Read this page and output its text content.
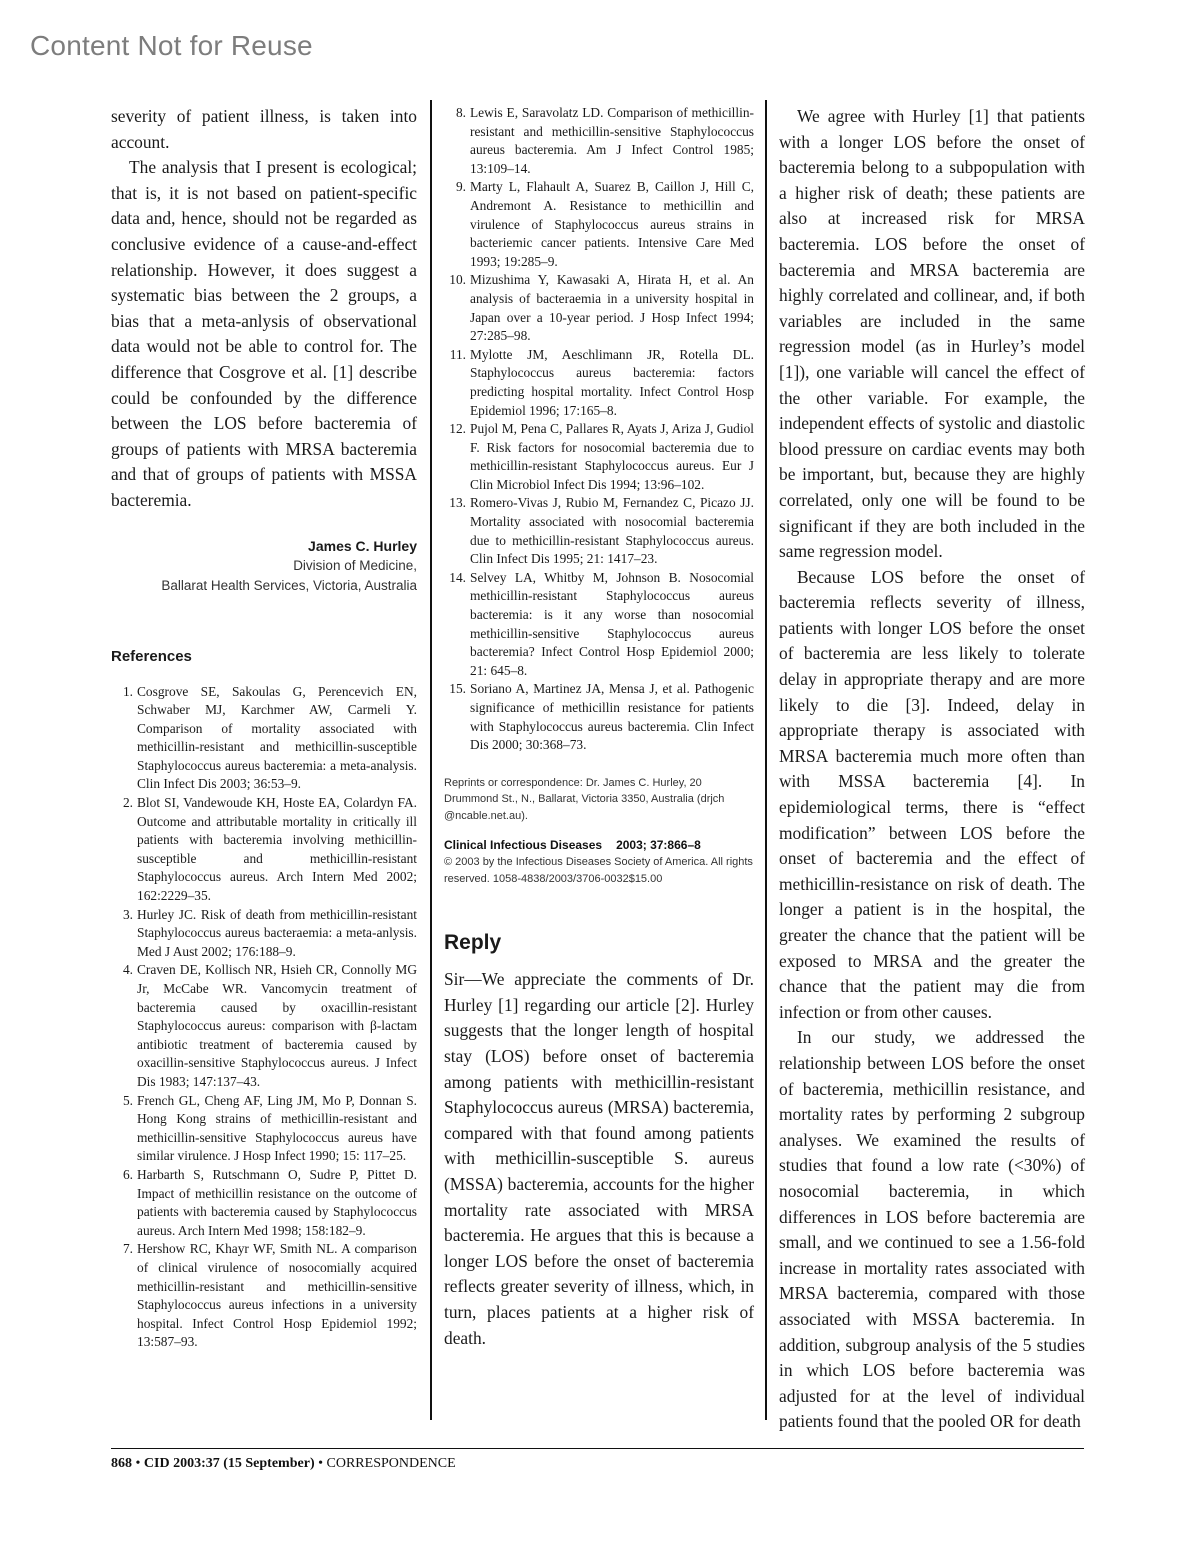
Content Not for Reuse

severity of patient illness, is taken into account.

The analysis that I present is ecological; that is, it is not based on patient-specific data and, hence, should not be regarded as conclusive evidence of a cause-and-effect relationship. However, it does suggest a systematic bias between the 2 groups, a bias that a meta-anlysis of observational data would not be able to control for. The difference that Cosgrove et al. [1] describe could be confounded by the difference between the LOS before bacteremia of groups of patients with MRSA bacteremia and that of groups of patients with MSSA bacteremia.

James C. Hurley
Division of Medicine,
Ballarat Health Services, Victoria, Australia
References
1. Cosgrove SE, Sakoulas G, Perencevich EN, Schwaber MJ, Karchmer AW, Carmeli Y. Comparison of mortality associated with methicillin-resistant and methicillin-susceptible Staphylococcus aureus bacteremia: a meta-analysis. Clin Infect Dis 2003; 36:53–9.
2. Blot SI, Vandewoude KH, Hoste EA, Colardyn FA. Outcome and attributable mortality in critically ill patients with bacteremia involving methicillin-susceptible and methicillin-resistant Staphylococcus aureus. Arch Intern Med 2002; 162:2229–35.
3. Hurley JC. Risk of death from methicillin-resistant Staphylococcus aureus bacteraemia: a meta-anlysis. Med J Aust 2002; 176:188–9.
4. Craven DE, Kollisch NR, Hsieh CR, Connolly MG Jr, McCabe WR. Vancomycin treatment of bacteremia caused by oxacillin-resistant Staphylococcus aureus: comparison with β-lactam antibiotic treatment of bacteremia caused by oxacillin-sensitive Staphylococcus aureus. J Infect Dis 1983; 147:137–43.
5. French GL, Cheng AF, Ling JM, Mo P, Donnan S. Hong Kong strains of methicillin-resistant and methicillin-sensitive Staphylococcus aureus have similar virulence. J Hosp Infect 1990; 15: 117–25.
6. Harbarth S, Rutschmann O, Sudre P, Pittet D. Impact of methicillin resistance on the outcome of patients with bacteremia caused by Staphylococcus aureus. Arch Intern Med 1998; 158:182–9.
7. Hershow RC, Khayr WF, Smith NL. A comparison of clinical virulence of nosocomially acquired methicillin-resistant and methicillin-sensitive Staphylococcus aureus infections in a university hospital. Infect Control Hosp Epidemiol 1992; 13:587–93.
8. Lewis E, Saravolatz LD. Comparison of methicillin-resistant and methicillin-sensitive Staphylococcus aureus bacteremia. Am J Infect Control 1985; 13:109–14.
9. Marty L, Flahault A, Suarez B, Caillon J, Hill C, Andremont A. Resistance to methicillin and virulence of Staphylococcus aureus strains in bacteriemic cancer patients. Intensive Care Med 1993; 19:285–9.
10. Mizushima Y, Kawasaki A, Hirata H, et al. An analysis of bacteraemia in a university hospital in Japan over a 10-year period. J Hosp Infect 1994; 27:285–98.
11. Mylotte JM, Aeschlimann JR, Rotella DL. Staphylococcus aureus bacteremia: factors predicting hospital mortality. Infect Control Hosp Epidemiol 1996; 17:165–8.
12. Pujol M, Pena C, Pallares R, Ayats J, Ariza J, Gudiol F. Risk factors for nosocomial bacteremia due to methicillin-resistant Staphylococcus aureus. Eur J Clin Microbiol Infect Dis 1994; 13:96–102.
13. Romero-Vivas J, Rubio M, Fernandez C, Picazo JJ. Mortality associated with nosocomial bacteremia due to methicillin-resistant Staphylococcus aureus. Clin Infect Dis 1995; 21: 1417–23.
14. Selvey LA, Whitby M, Johnson B. Nosocomial methicillin-resistant Staphylococcus aureus bacteremia: is it any worse than nosocomial methicillin-sensitive Staphylococcus aureus bacteremia? Infect Control Hosp Epidemiol 2000; 21: 645–8.
15. Soriano A, Martinez JA, Mensa J, et al. Pathogenic significance of methicillin resistance for patients with Staphylococcus aureus bacteremia. Clin Infect Dis 2000; 30:368–73.
Reprints or correspondence: Dr. James C. Hurley, 20 Drummond St., N., Ballarat, Victoria 3350, Australia (drjch @ncable.net.au).
Clinical Infectious Diseases 2003; 37:866–8
© 2003 by the Infectious Diseases Society of America. All rights reserved. 1058-4838/2003/3706-0032$15.00
Reply

Sir—We appreciate the comments of Dr. Hurley [1] regarding our article [2]. Hurley suggests that the longer length of hospital stay (LOS) before onset of bacteremia among patients with methicillin-resistant Staphylococcus aureus (MRSA) bacteremia, compared with that found among patients with methicillin-susceptible S. aureus (MSSA) bacteremia, accounts for the higher mortality rate associated with MRSA bacteremia. He argues that this is because a longer LOS before the onset of bacteremia reflects greater severity of illness, which, in turn, places patients at a higher risk of death.

We agree with Hurley [1] that patients with a longer LOS before the onset of bacteremia belong to a subpopulation with a higher risk of death; these patients are also at increased risk for MRSA bacteremia. LOS before the onset of bacteremia and MRSA bacteremia are highly correlated and collinear, and, if both variables are included in the same regression model (as in Hurley’s model [1]), one variable will cancel the effect of the other variable. For example, the independent effects of systolic and diastolic blood pressure on cardiac events may both be important, but, because they are highly correlated, only one will be found to be significant if they are both included in the same regression model.

Because LOS before the onset of bacteremia reflects severity of illness, patients with longer LOS before the onset of bacteremia are less likely to tolerate delay in appropriate therapy and are more likely to die [3]. Indeed, delay in appropriate therapy is associated with MRSA bacteremia much more often than with MSSA bacteremia [4]. In epidemiological terms, there is “effect modification” between LOS before the onset of bacteremia and the effect of methicillin-resistance on risk of death. The longer a patient is in the hospital, the greater the chance that the patient will be exposed to MRSA and the greater the chance that the patient may die from infection or from other causes.

In our study, we addressed the relationship between LOS before the onset of bacteremia, methicillin resistance, and mortality rates by performing 2 subgroup analyses. We examined the results of studies that found a low rate (<30%) of nosocomial bacteremia, in which differences in LOS before bacteremia are small, and we continued to see a 1.56-fold increase in mortality rates associated with MRSA bacteremia, compared with those associated with MSSA bacteremia. In addition, subgroup analysis of the 5 studies in which LOS before bacteremia was adjusted for at the level of individual patients found that the pooled OR for death

868 • CID 2003:37 (15 September) • CORRESPONDENCE
